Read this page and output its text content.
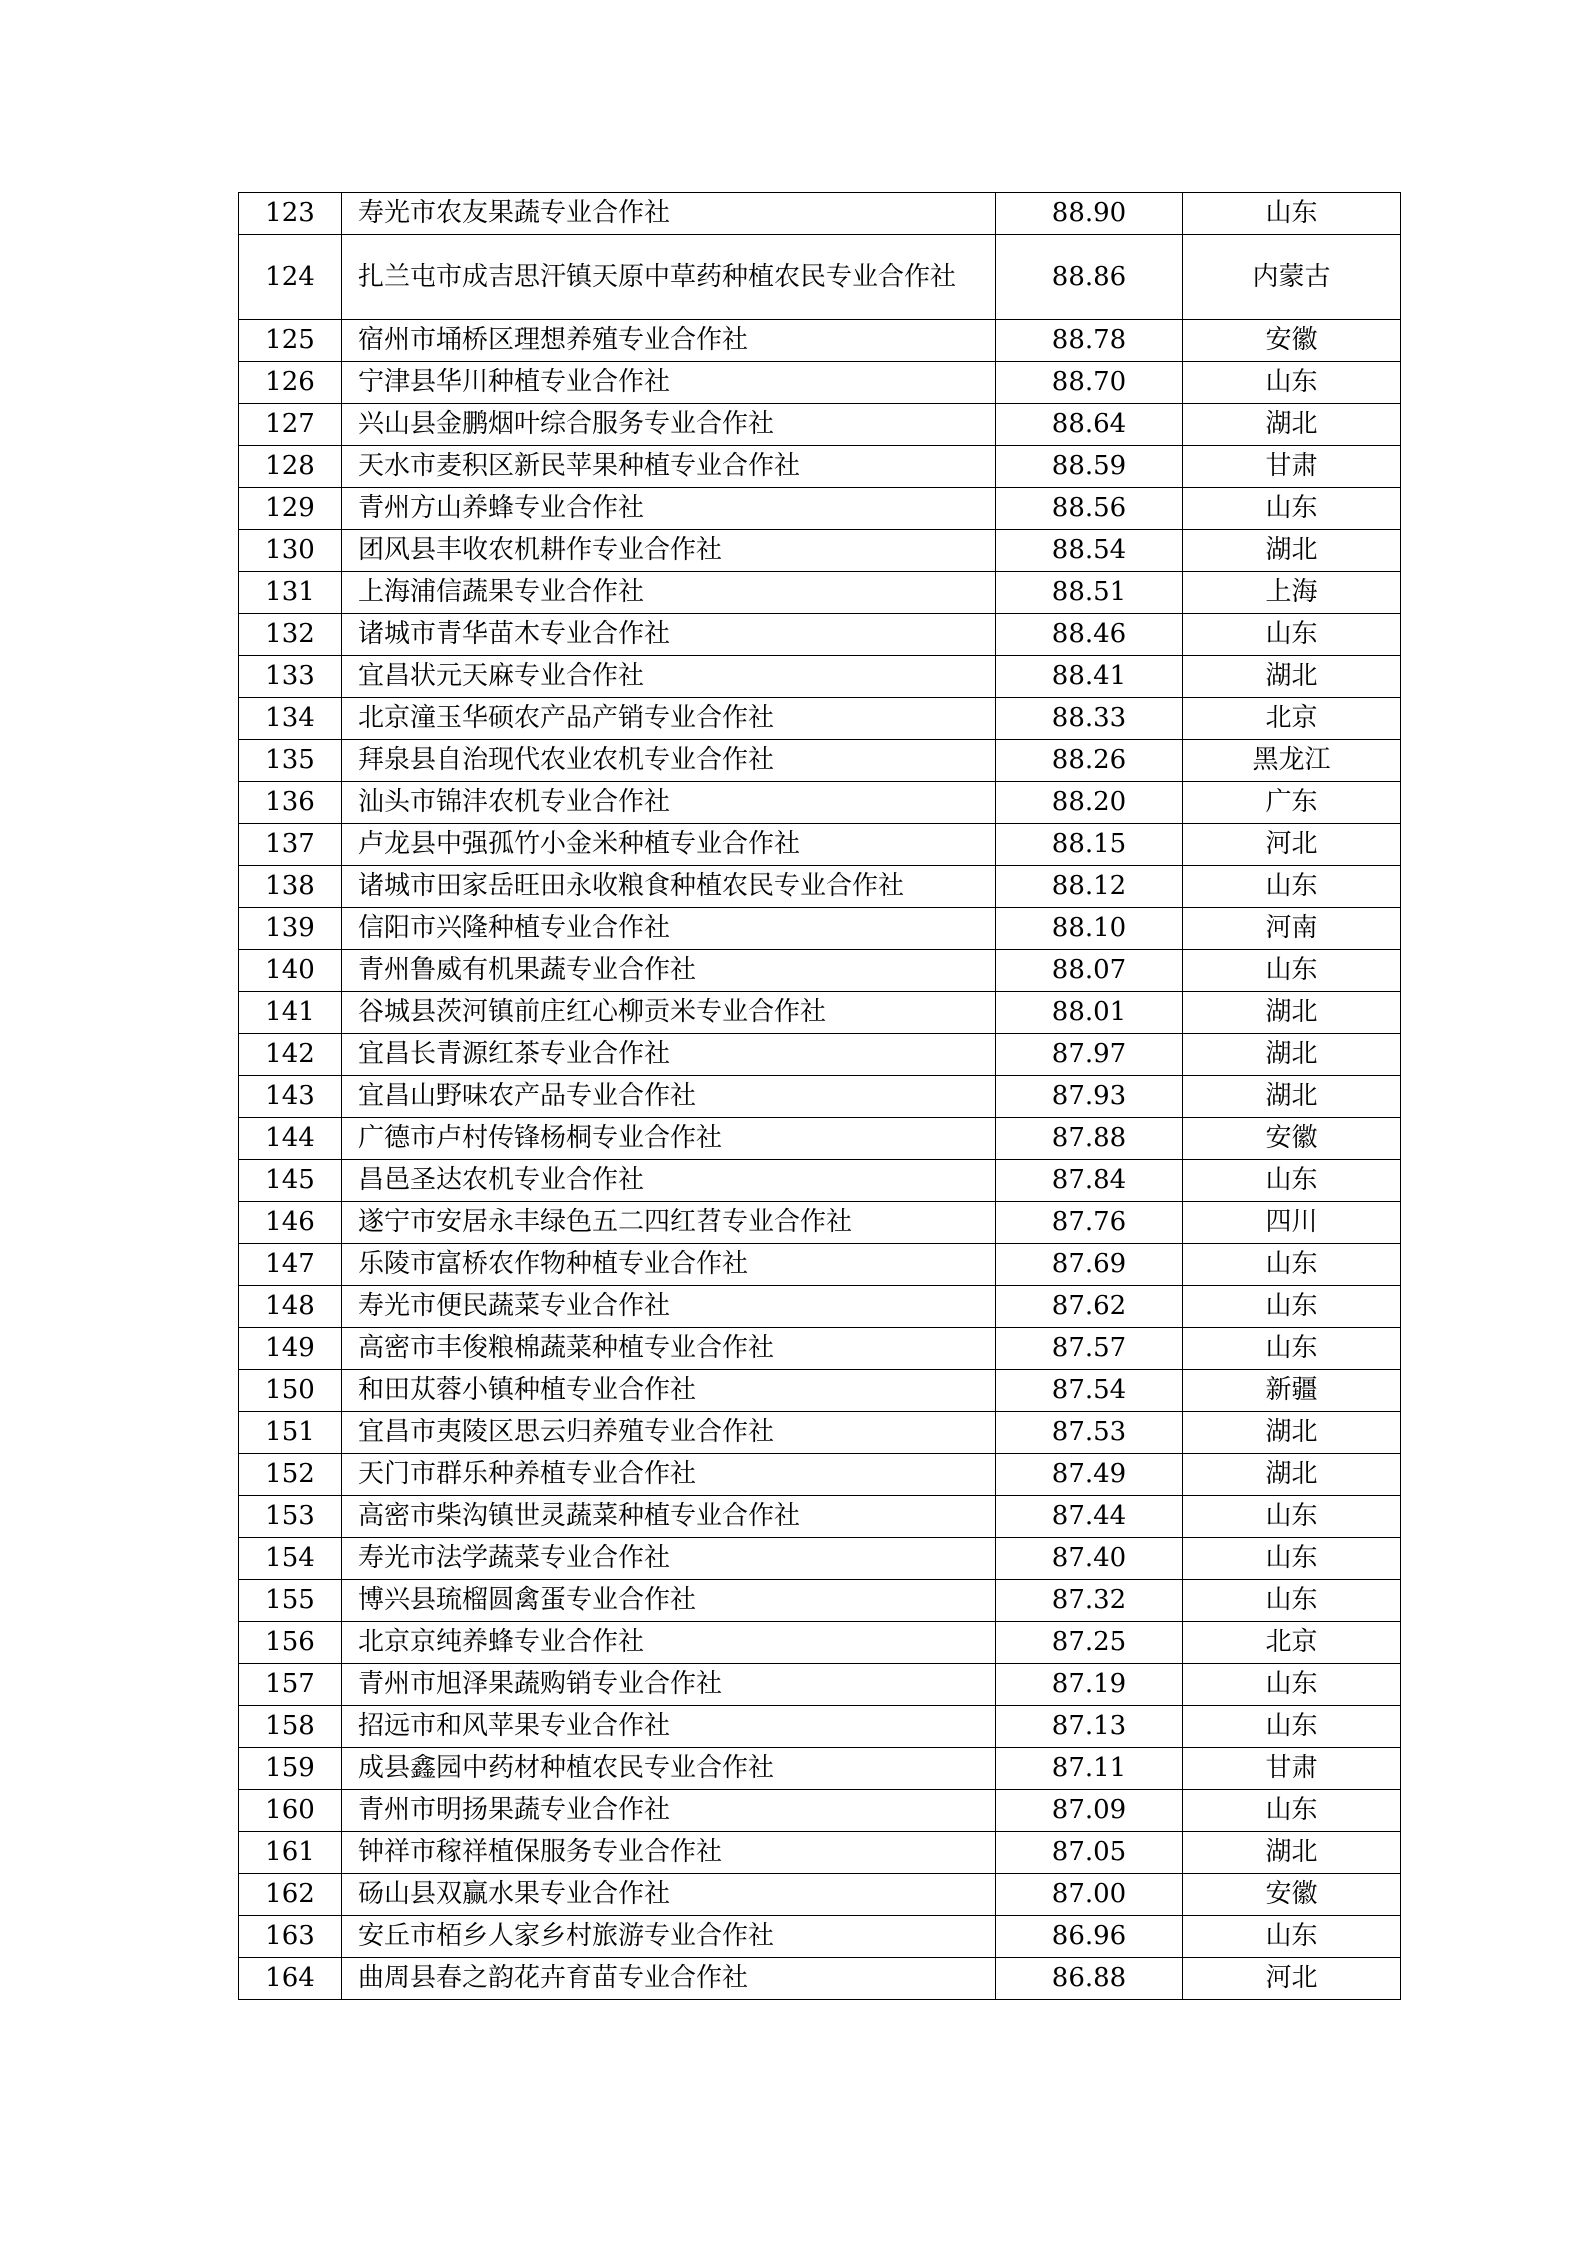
123	寿光市农友果蔬专业合作社	88.90	山东
124	扎兰屯市成吉思汗镇天原中草药种植农民专业合作社	88.86	内蒙古
125	宿州市埇桥区理想养殖专业合作社	88.78	安徽
126	宁津县华川种植专业合作社	88.70	山东
127	兴山县金鹏烟叶综合服务专业合作社	88.64	湖北
128	天水市麦积区新民苹果种植专业合作社	88.59	甘肃
129	青州方山养蜂专业合作社	88.56	山东
130	团风县丰收农机耕作专业合作社	88.54	湖北
131	上海浦信蔬果专业合作社	88.51	上海
132	诸城市青华苗木专业合作社	88.46	山东
133	宜昌状元天麻专业合作社	88.41	湖北
134	北京潼玉华硕农产品产销专业合作社	88.33	北京
135	拜泉县自治现代农业农机专业合作社	88.26	黑龙江
136	汕头市锦沣农机专业合作社	88.20	广东
137	卢龙县中强孤竹小金米种植专业合作社	88.15	河北
138	诸城市田家岳旺田永收粮食种植农民专业合作社	88.12	山东
139	信阳市兴隆种植专业合作社	88.10	河南
140	青州鲁威有机果蔬专业合作社	88.07	山东
141	谷城县茨河镇前庄红心柳贡米专业合作社	88.01	湖北
142	宜昌长青源红茶专业合作社	87.97	湖北
143	宜昌山野味农产品专业合作社	87.93	湖北
144	广德市卢村传锋杨桐专业合作社	87.88	安徽
145	昌邑圣达农机专业合作社	87.84	山东
146	遂宁市安居永丰绿色五二四红苕专业合作社	87.76	四川
147	乐陵市富桥农作物种植专业合作社	87.69	山东
148	寿光市便民蔬菜专业合作社	87.62	山东
149	高密市丰俊粮棉蔬菜种植专业合作社	87.57	山东
150	和田苁蓉小镇种植专业合作社	87.54	新疆
151	宜昌市夷陵区思云归养殖专业合作社	87.53	湖北
152	天门市群乐种养植专业合作社	87.49	湖北
153	高密市柴沟镇世灵蔬菜种植专业合作社	87.44	山东
154	寿光市法学蔬菜专业合作社	87.40	山东
155	博兴县琉榴圆禽蛋专业合作社	87.32	山东
156	北京京纯养蜂专业合作社	87.25	北京
157	青州市旭泽果蔬购销专业合作社	87.19	山东
158	招远市和风苹果专业合作社	87.13	山东
159	成县鑫园中药材种植农民专业合作社	87.11	甘肃
160	青州市明扬果蔬专业合作社	87.09	山东
161	钟祥市稼祥植保服务专业合作社	87.05	湖北
162	砀山县双赢水果专业合作社	87.00	安徽
163	安丘市栢乡人家乡村旅游专业合作社	86.96	山东
164	曲周县春之韵花卉育苗专业合作社	86.88	河北
